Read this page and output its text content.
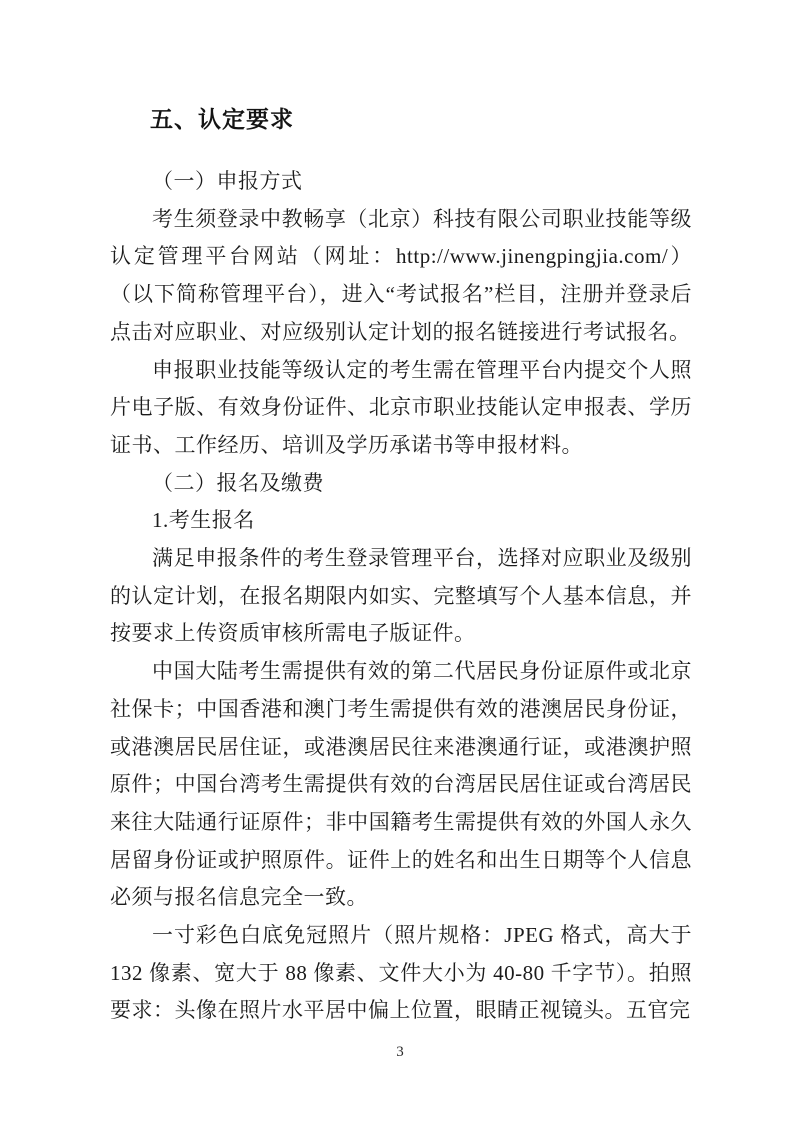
五、认定要求

（一）申报方式

考生须登录中教畅享（北京）科技有限公司职业技能等级认定管理平台网站（网址：http://www.jinengpingjia.com/）（以下简称管理平台），进入“考试报名”栏目，注册并登录后点击对应职业、对应级别认定计划的报名链接进行考试报名。

申报职业技能等级认定的考生需在管理平台内提交个人照片电子版、有效身份证件、北京市职业技能认定申报表、学历证书、工作经历、培训及学历承诺书等申报材料。

（二）报名及缴费

1.考生报名

满足申报条件的考生登录管理平台，选择对应职业及级别的认定计划，在报名期限内如实、完整填写个人基本信息，并按要求上传资质审核所需电子版证件。

中国大陆考生需提供有效的第二代居民身份证原件或北京社保卡；中国香港和澳门考生需提供有效的港澳居民身份证，或港澳居民居住证，或港澳居民往来港澳通行证，或港澳护照原件；中国台湾考生需提供有效的台湾居民居住证或台湾居民来往大陆通行证原件；非中国籍考生需提供有效的外国人永久居留身份证或护照原件。证件上的姓名和出生日期等个人信息必须与报名信息完全一致。

一寸彩色白底免冠照片（照片规格：JPEG 格式，高大于 132 像素、宽大于 88 像素、文件大小为 40-80 千字节）。拍照要求：头像在照片水平居中偏上位置，眼睛正视镜头。五官完

3
